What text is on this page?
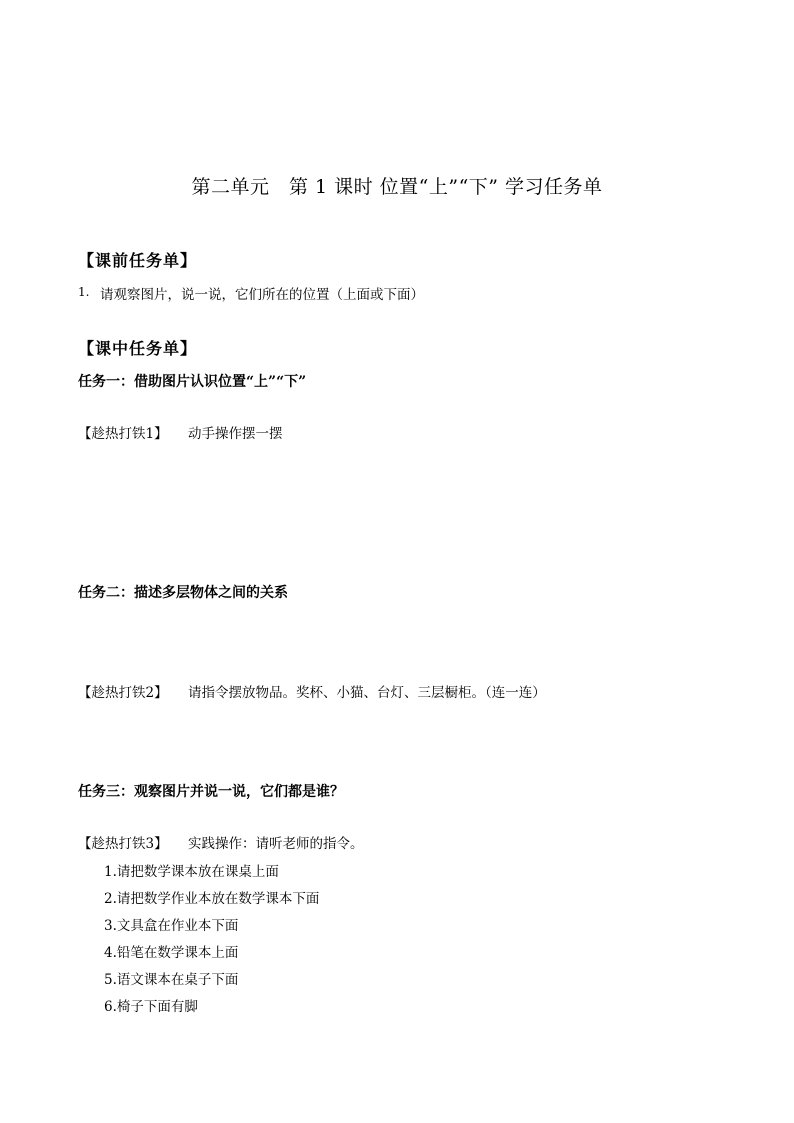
第二单元　第 1 课时 位置“上”“下” 学习任务单
【课前任务单】
1. 请观察图片，说一说，它们所在的位置（上面或下面）
【课中任务单】
任务一：借助图片认识位置“上”“下”
【趁热打铁1】 动手操作摆一摆
任务二：描述多层物体之间的关系
【趁热打铁2】 请指令摆放物品。奖杯、小猫、台灯、三层橱柜。（连一连）
任务三：观察图片并说一说，它们都是谁？
【趁热打铁3】 实践操作：请听老师的指令。
1.请把数学课本放在课桌上面
2.请把数学作业本放在数学课本下面
3.文具盒在作业本下面
4.铅笔在数学课本上面
5.语文课本在桌子下面
6.椅子下面有脚
